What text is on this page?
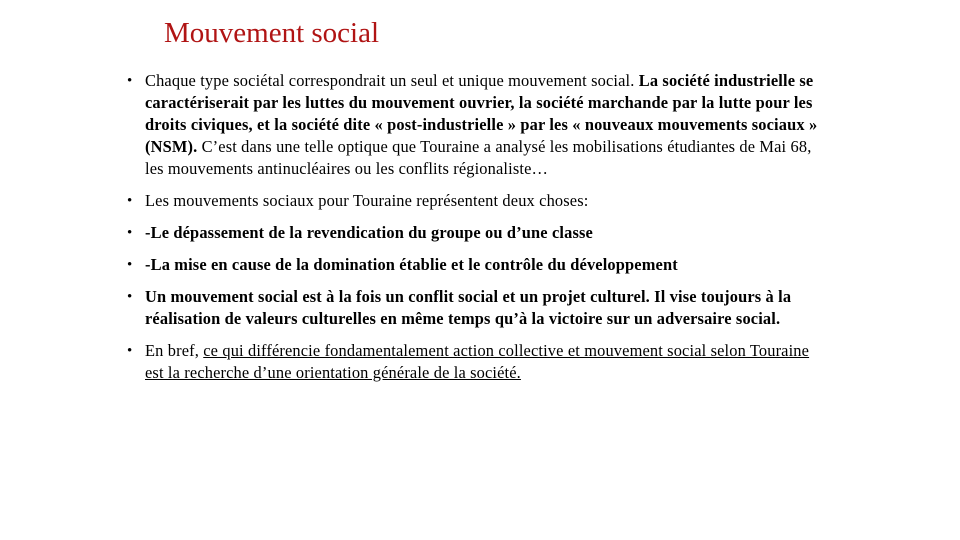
Mouvement social
• Chaque type sociétal correspondrait un seul et unique mouvement social. La société industrielle se caractériserait par les luttes du mouvement ouvrier, la société marchande par la lutte pour les droits civiques, et la société dite « post-industrielle » par les « nouveaux mouvements sociaux » (NSM). C’est dans une telle optique que Touraine a analysé les mobilisations étudiantes de Mai 68, les mouvements antinucléaires ou les conflits régionaliste…
• Les mouvements sociaux pour Touraine représentent deux choses:
• -Le dépassement de la revendication du groupe ou d’une classe
• -La mise en cause de la domination établie et le contrôle du développement
• Un mouvement social est à la fois un conflit social et un projet culturel. Il vise toujours à la réalisation de valeurs culturelles en même temps qu’à la victoire sur un adversaire social.
• En bref, ce qui différencie fondamentalement action collective et mouvement social selon Touraine est la recherche d’une orientation générale de la société.
